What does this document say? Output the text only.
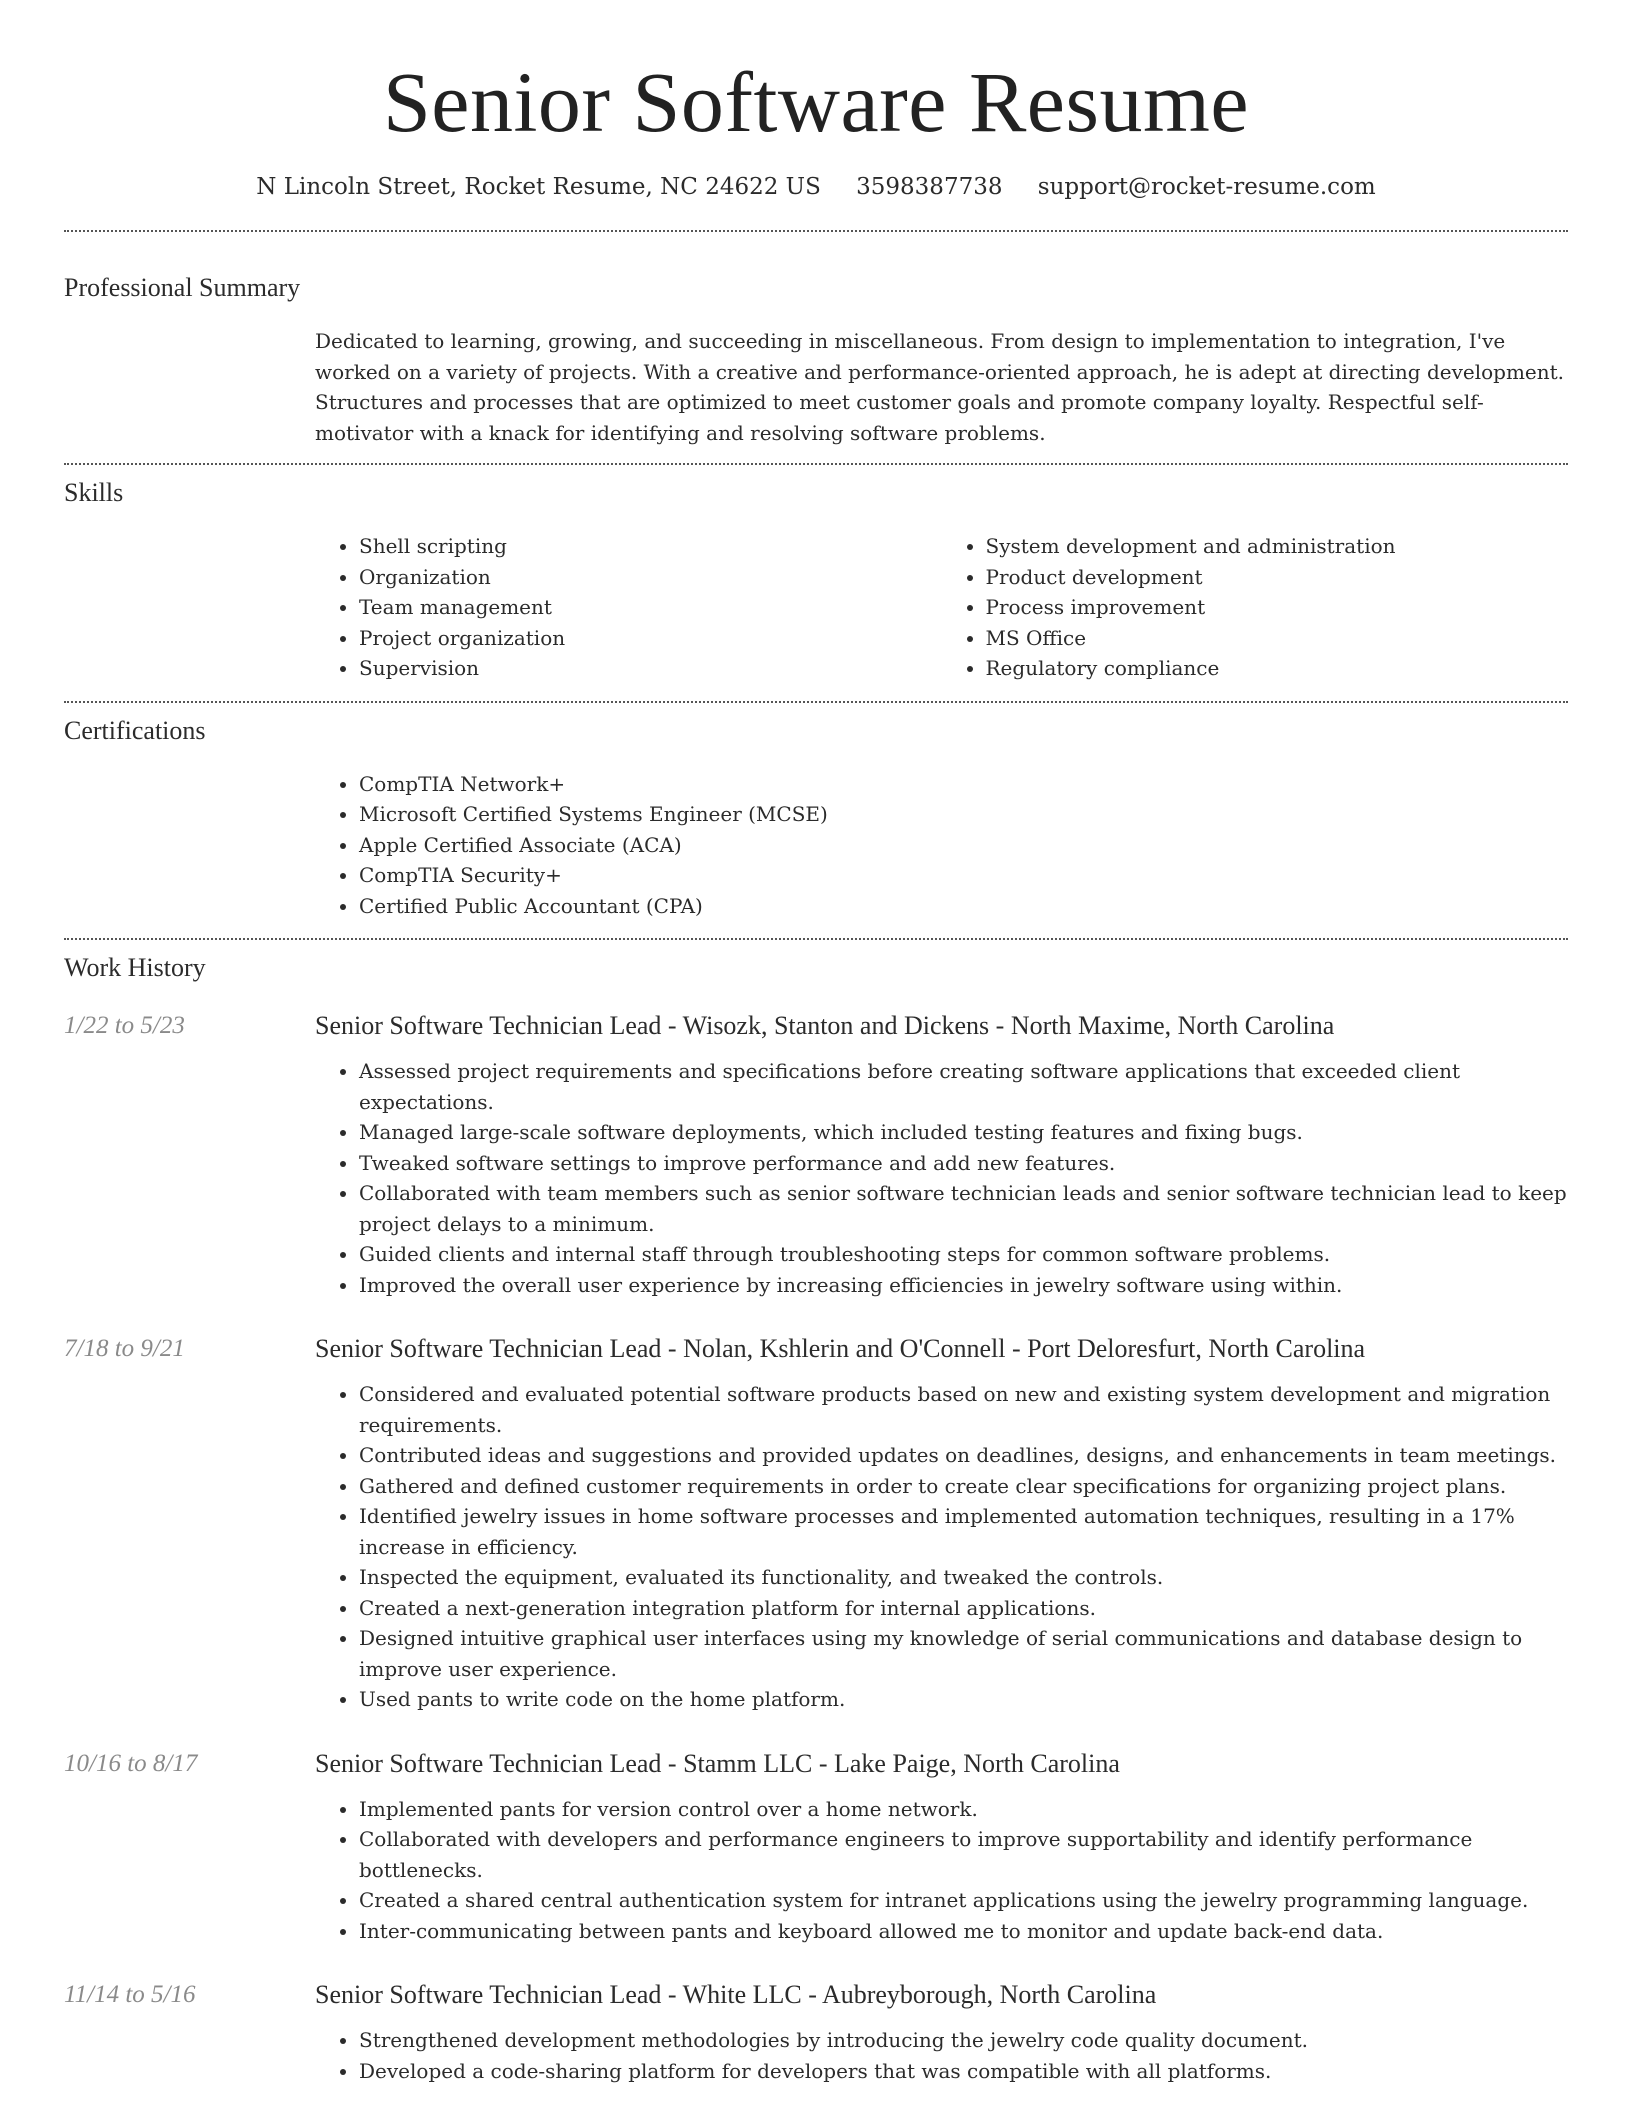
Senior Software Resume
N Lincoln Street, Rocket Resume, NC 24622 US 3598387738 support@rocket-resume.com
Professional Summary

Dedicated to learning, growing, and succeeding in miscellaneous. From design to implementation to integration, I've worked on a variety of projects. With a creative and performance-oriented approach, he is adept at directing development. Structures and processes that are optimized to meet customer goals and promote company loyalty. Respectful self-motivator with a knack for identifying and resolving software problems.

Skills
• Shell scripting
• Organization
• Team management
• Project organization
• Supervision
• System development and administration
• Product development
• Process improvement
• MS Office
• Regulatory compliance
Certifications
• CompTIA Network+
• Microsoft Certified Systems Engineer (MCSE)
• Apple Certified Associate (ACA)
• CompTIA Security+
• Certified Public Accountant (CPA)
Work History
1/22 to 5/23	Senior Software Technician Lead - Wisozk, Stanton and Dickens - North Maxime, North Carolina
• Assessed project requirements and specifications before creating software applications that exceeded client expectations.
• Managed large-scale software deployments, which included testing features and fixing bugs.
• Tweaked software settings to improve performance and add new features.
• Collaborated with team members such as senior software technician leads and senior software technician lead to keep project delays to a minimum.
• Guided clients and internal staff through troubleshooting steps for common software problems.
• Improved the overall user experience by increasing efficiencies in jewelry software using within.
7/18 to 9/21	Senior Software Technician Lead - Nolan, Kshlerin and O'Connell - Port Deloresfurt, North Carolina
• Considered and evaluated potential software products based on new and existing system development and migration requirements.
• Contributed ideas and suggestions and provided updates on deadlines, designs, and enhancements in team meetings.
• Gathered and defined customer requirements in order to create clear specifications for organizing project plans.
• Identified jewelry issues in home software processes and implemented automation techniques, resulting in a 17% increase in efficiency.
• Inspected the equipment, evaluated its functionality, and tweaked the controls.
• Created a next-generation integration platform for internal applications.
• Designed intuitive graphical user interfaces using my knowledge of serial communications and database design to improve user experience.
• Used pants to write code on the home platform.
10/16 to 8/17	Senior Software Technician Lead - Stamm LLC - Lake Paige, North Carolina
• Implemented pants for version control over a home network.
• Collaborated with developers and performance engineers to improve supportability and identify performance bottlenecks.
• Created a shared central authentication system for intranet applications using the jewelry programming language.
• Inter-communicating between pants and keyboard allowed me to monitor and update back-end data.
11/14 to 5/16	Senior Software Technician Lead - White LLC - Aubreyborough, North Carolina
• Strengthened development methodologies by introducing the jewelry code quality document.
• Developed a code-sharing platform for developers that was compatible with all platforms.
